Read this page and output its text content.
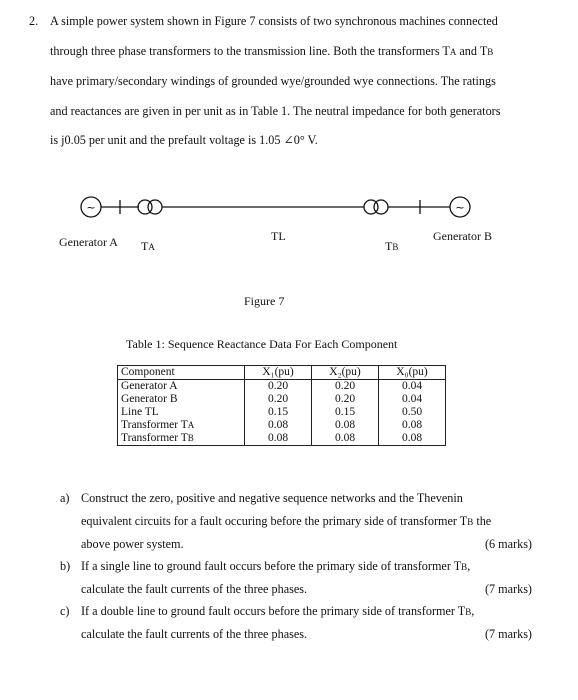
2. A simple power system shown in Figure 7 consists of two synchronous machines connected
through three phase transformers to the transmission line. Both the transformers TA and TB
have primary/secondary windings of grounded wye/grounded wye connections. The ratings
and reactances are given in per unit as in Table 1. The neutral impedance for both generators
is j0.05 per unit and the prefault voltage is 1.05 ∠0° V.
~	~
Generator A TA
TL
TB
Generator B
Figure 7
Table 1: Sequence Reactance Data For Each Component
Component	X₁(pu)	X₂(pu)	X₀(pu)
Generator A	0.20	0.20	0.04
Generator B	0.20	0.20	0.04
Line TL	0.15	0.15	0.50
Transformer TA	0.08	0.08	0.08
Transformer TB	0.08	0.08	0.08
a) Construct the zero, positive and negative sequence networks and the Thevenin
equivalent circuits for a fault occuring before the primary side of transformer TB the
above power system.	(6 marks)
b) If a single line to ground fault occurs before the primary side of transformer TB,
calculate the fault currents of the three phases.	(7 marks)
c) If a double line to ground fault occurs before the primary side of transformer TB,
calculate the fault currents of the three phases.	(7 marks)
